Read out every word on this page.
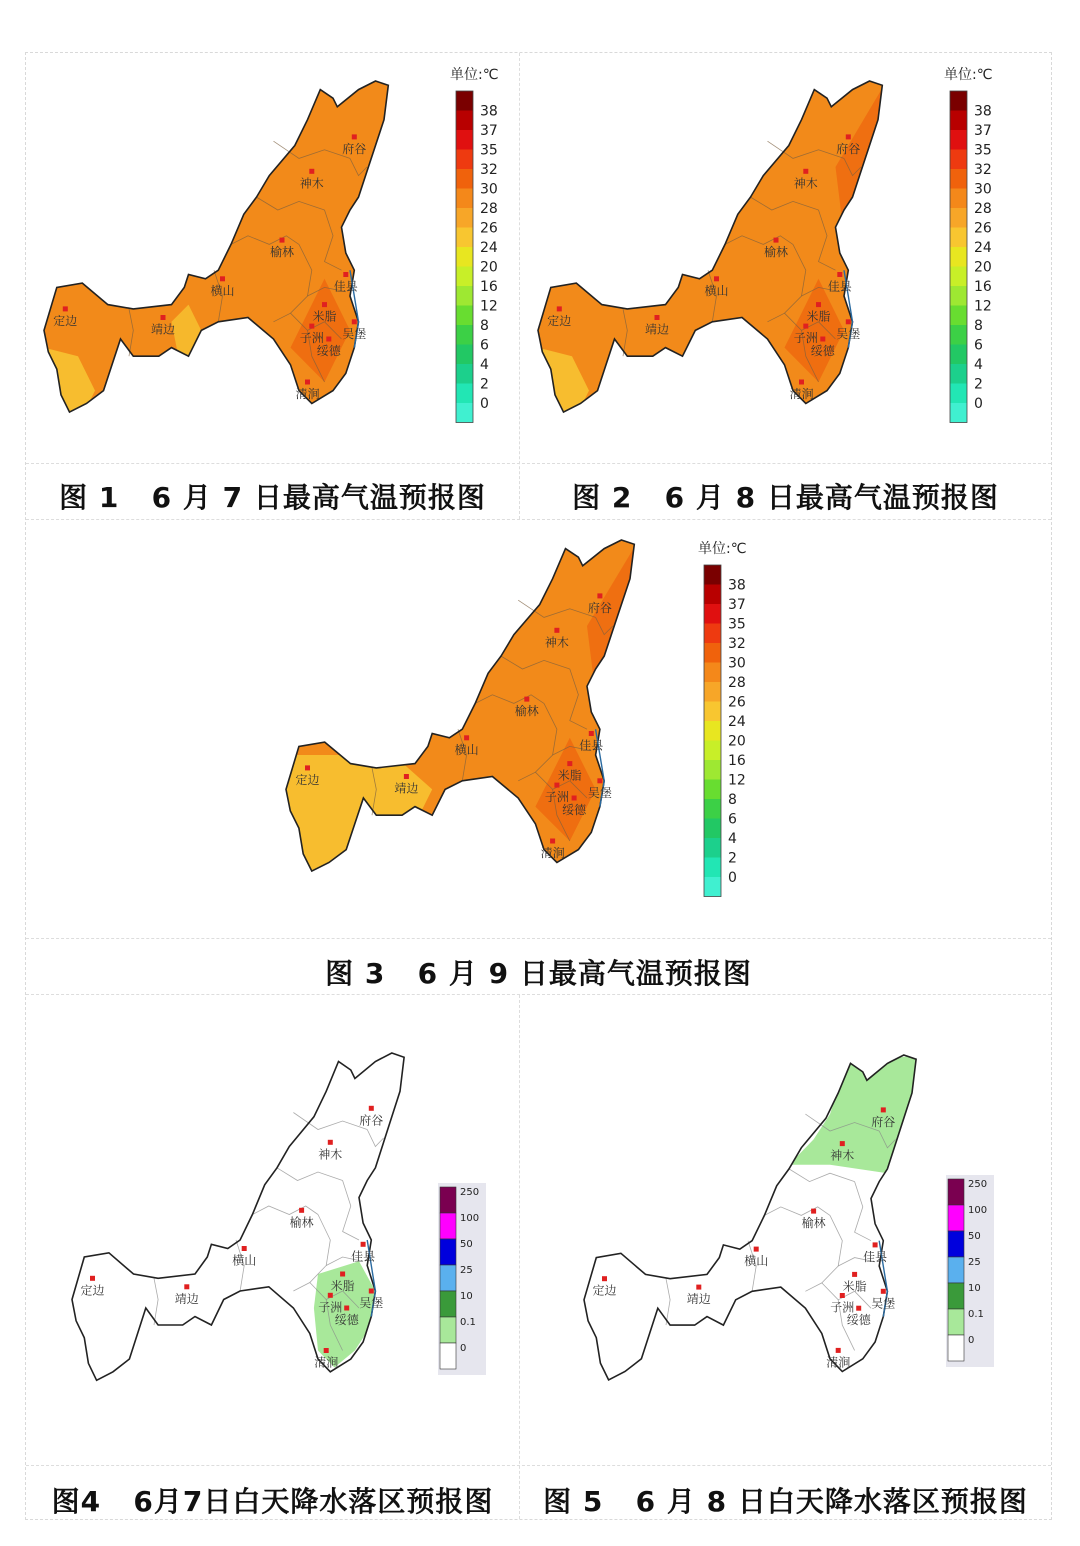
府谷
神木
榆林
佳县
横山
米脂
子洲
绥德
吴堡
定边
靖边
清涧
单位:℃
38
37
35
32
30
28
26
24
20
16
12
8
6
4
2
0
府谷
神木
榆林
佳县
横山
米脂
子洲
绥德
吴堡
定边
靖边
清涧
单位:℃
38
37
35
32
30
28
26
24
20
16
12
8
6
4
2
0
府谷
神木
榆林
佳县
横山
米脂
子洲
绥德
吴堡
定边
靖边
清涧
单位:℃
38
37
35
32
30
28
26
24
20
16
12
8
6
4
2
0
府谷
神木
榆林
佳县
横山
米脂
子洲
绥德
吴堡
定边
靖边
清涧
250
100
50
25
10
0.1
0
府谷
神木
榆林
佳县
横山
米脂
子洲
绥德
吴堡
定边
靖边
清涧
250
100
50
25
10
0.1
0
图 1   6 月 7 日最高气温预报图	图 2   6 月 8 日最高气温预报图
图 3   6 月 9 日最高气温预报图
图4   6月7日白天降水落区预报图	图 5   6 月 8 日白天降水落区预报图
